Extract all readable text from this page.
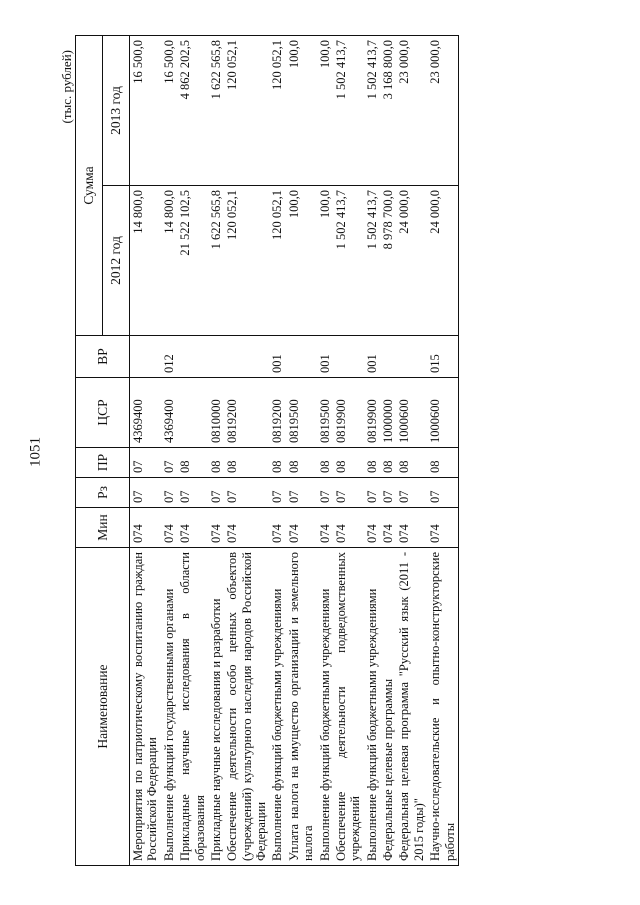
1051
(тыс. рублей)
Наименование	Мин	Рз	ПР	ЦСР	ВР	Сумма	
						2012 год	2013 год
Мероприятия по патриотическому воспитанию граждан Российской Федерации	074	07	07	4369400		14 800,0	16 500,0
Выполнение функций государственными органами	074	07	07	4369400	012	14 800,0	16 500,0
Прикладные научные исследования в области образования	074	07	08			21 522 102,5	4 862 202,5
Прикладные научные исследования и разработки	074	07	08	0810000		1 622 565,8	1 622 565,8
Обеспечение деятельности особо ценных объектов (учреждений) культурного наследия народов Российской Федерации	074	07	08	0819200		120 052,1	120 052,1
Выполнение функций бюджетными учреждениями	074	07	08	0819200	001	120 052,1	120 052,1
Уплата налога на имущество организаций и земельного налога	074	07	08	0819500		100,0	100,0
Выполнение функций бюджетными учреждениями	074	07	08	0819500	001	100,0	100,0
Обеспечение деятельности подведомственных учреждений	074	07	08	0819900		1 502 413,7	1 502 413,7
Выполнение функций бюджетными учреждениями	074	07	08	0819900	001	1 502 413,7	1 502 413,7
Федеральные целевые программы	074	07	08	1000000		8 978 700,0	3 168 800,0
Федеральная целевая программа "Русский язык (2011 - 2015 годы)"	074	07	08	1000600		24 000,0	23 000,0
Научно-исследовательские и опытно-конструкторские работы	074	07	08	1000600	015	24 000,0	23 000,0
